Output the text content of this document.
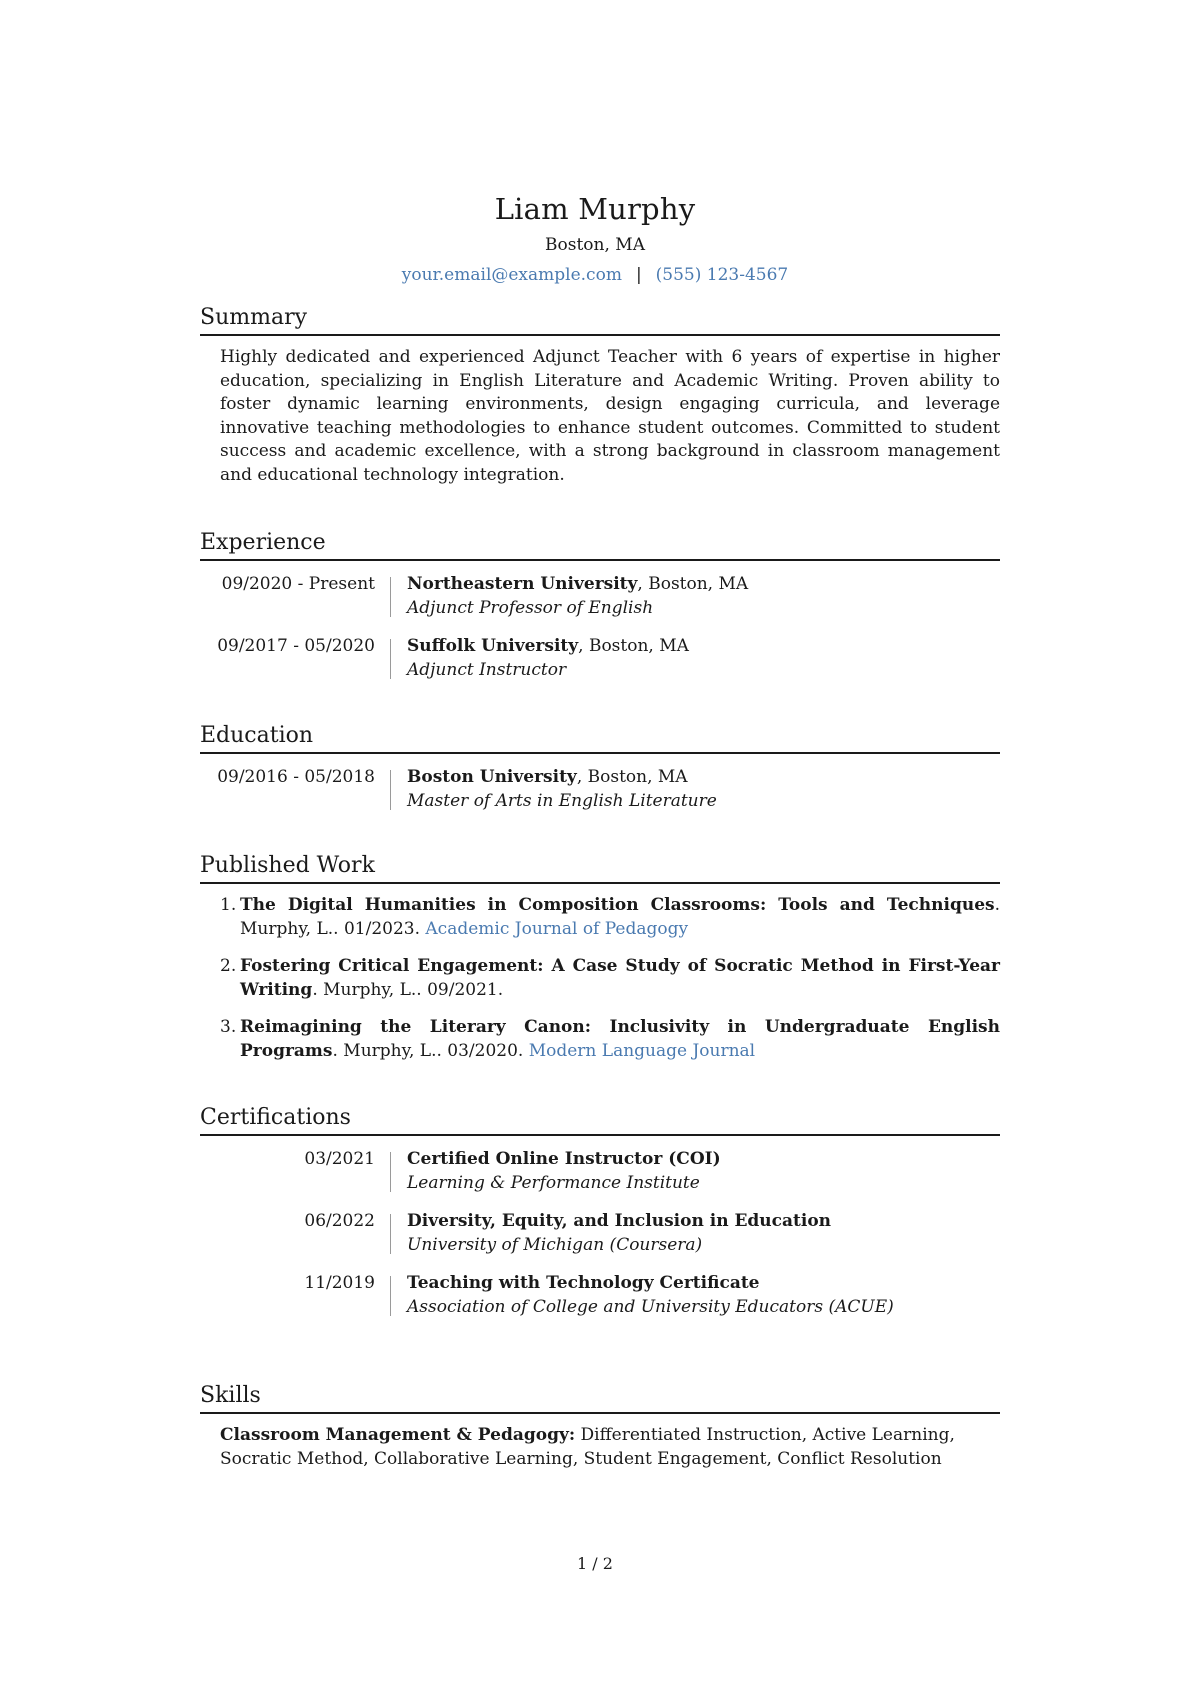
Liam Murphy
Boston, MA
your.email@example.com | (555) 123-4567
Summary

Highly dedicated and experienced Adjunct Teacher with 6 years of expertise in higher education, specializing in English Literature and Academic Writing. Proven ability to foster dynamic learning environments, design engaging curricula, and leverage innovative teaching methodologies to enhance student outcomes. Committed to student success and academic excellence, with a strong background in classroom management and educational technology integration.

Experience
09/2020 - Present Northeastern University, Boston, MA
Adjunct Professor of English
09/2017 - 05/2020 Suffolk University, Boston, MA
Adjunct Instructor
Education
09/2016 - 05/2018 Boston University, Boston, MA
Master of Arts in English Literature
Published Work
1. The Digital Humanities in Composition Classrooms: Tools and Techniques. Murphy, L.. 01/2023. Academic Journal of Pedagogy
2. Fostering Critical Engagement: A Case Study of Socratic Method in First-Year Writing. Murphy, L.. 09/2021.
3. Reimagining the Literary Canon: Inclusivity in Undergraduate English Programs. Murphy, L.. 03/2020. Modern Language Journal
Certifications
03/2021 Certified Online Instructor (COI)
Learning & Performance Institute
06/2022 Diversity, Equity, and Inclusion in Education
University of Michigan (Coursera)
11/2019 Teaching with Technology Certificate
Association of College and University Educators (ACUE)
Skills

Classroom Management & Pedagogy: Differentiated Instruction, Active Learning, Socratic Method, Collaborative Learning, Student Engagement, Conflict Resolution

1 / 2
